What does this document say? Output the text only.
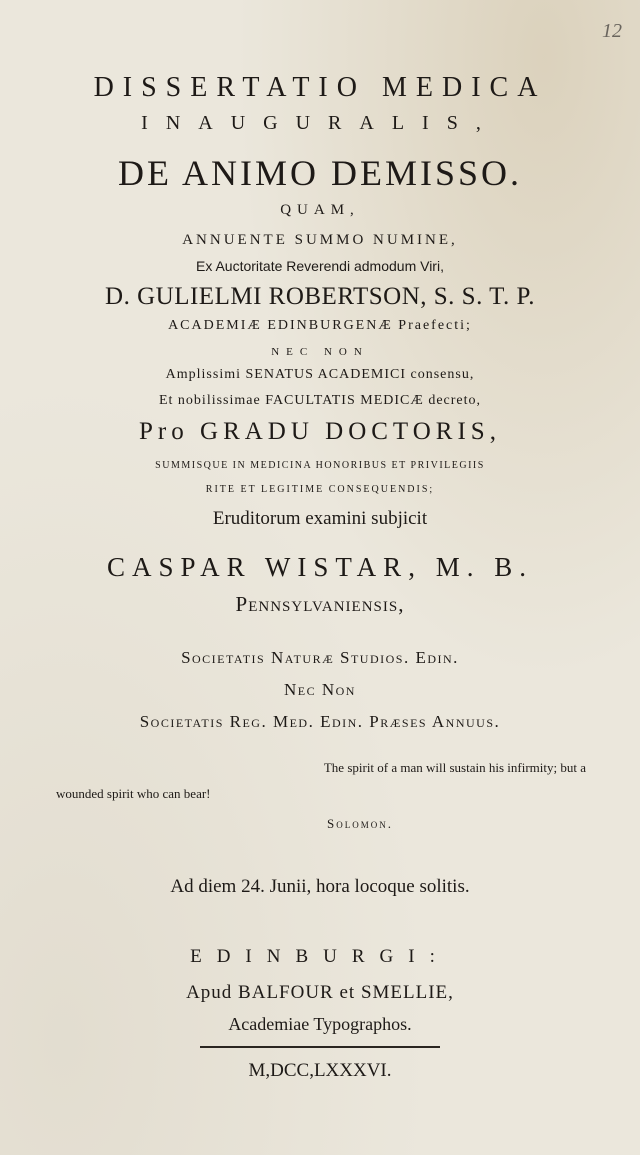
12
DISSERTATIO MEDICA
INAUGURALIS,
DE ANIMO DEMISSO.
QUAM,
ANNUENTE SUMMO NUMINE,
Ex Auctoritate Reverendi admodum Viri,
D. GULIELMI ROBERTSON, S. S. T. P.
ACADEMIÆ EDINBURGENÆ Praefecti;
NEC NON
Amplissimi SENATUS ACADEMICI consensu,
Et nobilissimae FACULTATIS MEDICÆ decreto,
Pro GRADU DOCTORIS,
SUMMISQUE IN MEDICINA HONORIBUS ET PRIVILEGIIS
RITE ET LEGITIME CONSEQUENDIS;
Eruditorum examini subjicit
CASPAR WISTAR, M. B.
Pennsylvaniensis,
Societatis Naturæ Studios. Edin.
Nec Non
Societatis Reg. Med. Edin. Præses Annuus.
The spirit of a man will sustain his infirmity; but a
wounded spirit who can bear!
Solomon.
Ad diem 24. Junii, hora locoque solitis.
EDINBURGI:
Apud BALFOUR et SMELLIE,
Academiae Typographos.
M,DCC,LXXXVI.
